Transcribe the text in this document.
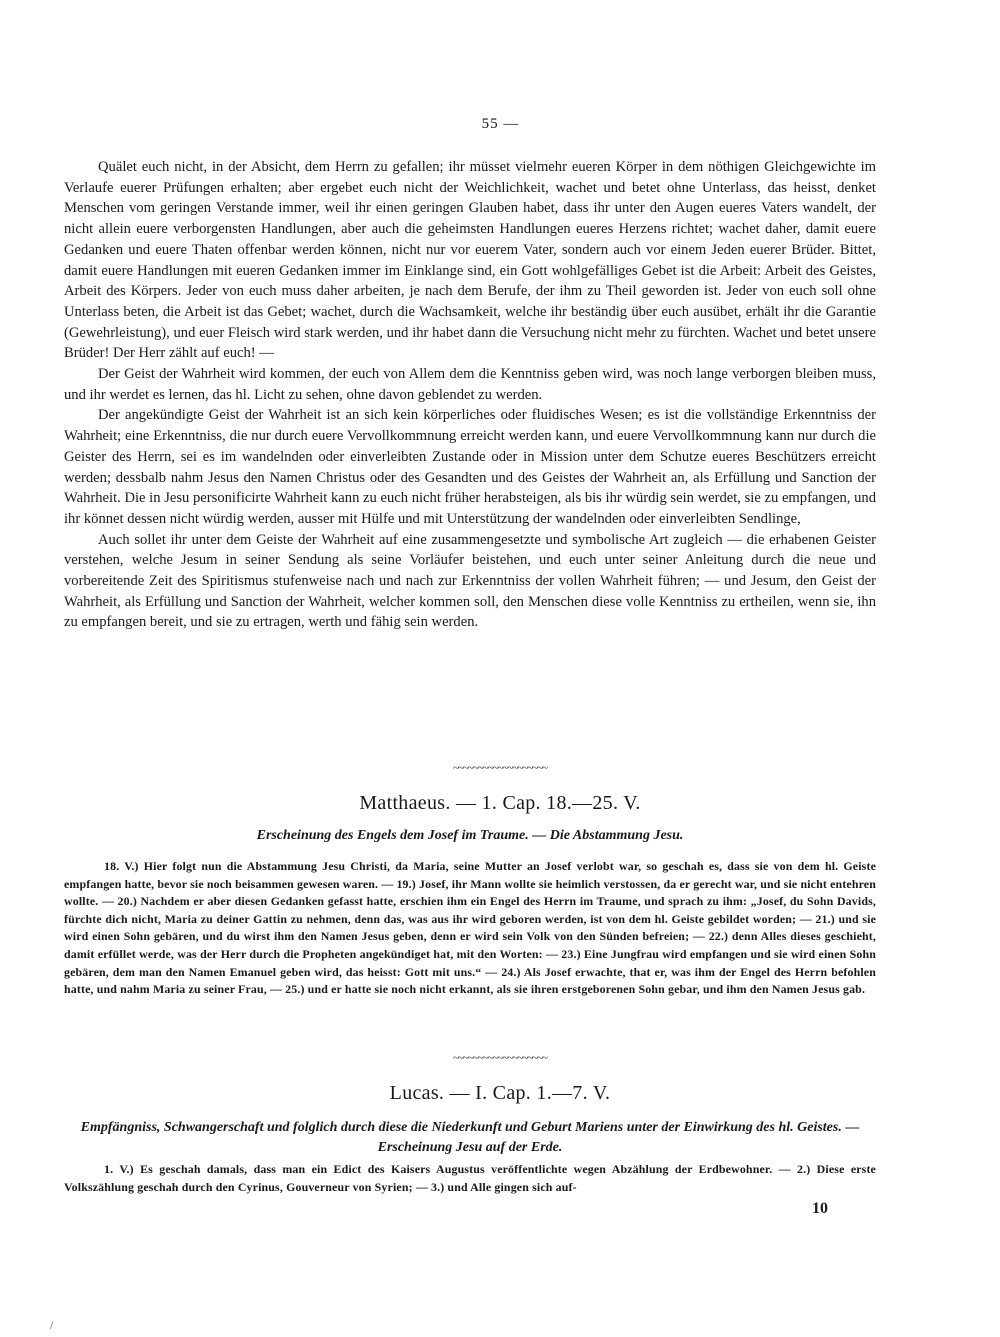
55 —

Quälet euch nicht, in der Absicht, dem Herrn zu gefallen; ihr müsset vielmehr eueren Körper in dem nöthigen Gleichgewichte im Verlaufe euerer Prüfungen erhalten; aber ergebet euch nicht der Weichlichkeit, wachet und betet ohne Unterlass, das heisst, denket Menschen vom geringen Verstande immer, weil ihr einen geringen Glauben habet, dass ihr unter den Augen eueres Vaters wandelt, der nicht allein euere verborgensten Handlungen, aber auch die geheimsten Handlungen eueres Herzens richtet; wachet daher, damit euere Gedanken und euere Thaten offenbar werden können, nicht nur vor euerem Vater, sondern auch vor einem Jeden euerer Brüder. Bittet, damit euere Handlungen mit eueren Gedanken immer im Einklange sind, ein Gott wohlgefälliges Gebet ist die Arbeit: Arbeit des Geistes, Arbeit des Körpers. Jeder von euch muss daher arbeiten, je nach dem Berufe, der ihm zu Theil geworden ist. Jeder von euch soll ohne Unterlass beten, die Arbeit ist das Gebet; wachet, durch die Wachsamkeit, welche ihr beständig über euch ausübet, erhält ihr die Garantie (Gewehrleistung), und euer Fleisch wird stark werden, und ihr habet dann die Versuchung nicht mehr zu fürchten. Wachet und betet unsere Brüder! Der Herr zählt auf euch! —

Der Geist der Wahrheit wird kommen, der euch von Allem dem die Kenntniss geben wird, was noch lange verborgen bleiben muss, und ihr werdet es lernen, das hl. Licht zu sehen, ohne davon geblendet zu werden.

Der angekündigte Geist der Wahrheit ist an sich kein körperliches oder fluidisches Wesen; es ist die vollständige Erkenntniss der Wahrheit; eine Erkenntniss, die nur durch euere Vervollkommnung erreicht werden kann, und euere Vervollkommnung kann nur durch die Geister des Herrn, sei es im wandelnden oder einverleibten Zustande oder in Mission unter dem Schutze eueres Beschützers erreicht werden; dessbalb nahm Jesus den Namen Christus oder des Gesandten und des Geistes der Wahrheit an, als Erfüllung und Sanction der Wahrheit. Die in Jesu personificirte Wahrheit kann zu euch nicht früher herabsteigen, als bis ihr würdig sein werdet, sie zu empfangen, und ihr könnet dessen nicht würdig werden, ausser mit Hülfe und mit Unterstützung der wandelnden oder einverleibten Sendlinge,

Auch sollet ihr unter dem Geiste der Wahrheit auf eine zusammengesetzte und symbolische Art zugleich — die erhabenen Geister verstehen, welche Jesum in seiner Sendung als seine Vorläufer beistehen, und euch unter seiner Anleitung durch die neue und vorbereitende Zeit des Spiritismus stufenweise nach und nach zur Erkenntniss der vollen Wahrheit führen; — und Jesum, den Geist der Wahrheit, als Erfüllung und Sanction der Wahrheit, welcher kommen soll, den Menschen diese volle Kenntniss zu ertheilen, wenn sie, ihn zu empfangen bereit, und sie zu ertragen, werth und fähig sein werden.

~~~~~~~~~~~~~~~~~~~
Matthaeus. — 1. Cap. 18.—25. V.
Erscheinung des Engels dem Josef im Traume. — Die Abstammung Jesu.

18. V.) Hier folgt nun die Abstammung Jesu Christi, da Maria, seine Mutter an Josef verlobt war, so geschah es, dass sie von dem hl. Geiste empfangen hatte, bevor sie noch beisammen gewesen waren. — 19.) Josef, ihr Mann wollte sie heimlich verstossen, da er gerecht war, und sie nicht entehren wollte. — 20.) Nachdem er aber diesen Gedanken gefasst hatte, erschien ihm ein Engel des Herrn im Traume, und sprach zu ihm: „Josef, du Sohn Davids, fürchte dich nicht, Maria zu deiner Gattin zu nehmen, denn das, was aus ihr wird geboren werden, ist von dem hl. Geiste gebildet worden; — 21.) und sie wird einen Sohn gebären, und du wirst ihm den Namen Jesus geben, denn er wird sein Volk von den Sünden befreien; — 22.) denn Alles dieses geschieht, damit erfüllet werde, was der Herr durch die Propheten angekündiget hat, mit den Worten: — 23.) Eine Jungfrau wird empfangen und sie wird einen Sohn gebären, dem man den Namen Emanuel geben wird, das heisst: Gott mit uns.“ — 24.) Als Josef erwachte, that er, was ihm der Engel des Herrn befohlen hatte, und nahm Maria zu seiner Frau, — 25.) und er hatte sie noch nicht erkannt, als sie ihren erstgeborenen Sohn gebar, und ihm den Namen Jesus gab.

~~~~~~~~~~~~~~~~~~~
Lucas. — I. Cap. 1.—7. V.
Empfängniss, Schwangerschaft und folglich durch diese die Niederkunft und Geburt Mariens unter der Einwirkung des hl. Geistes. — Erscheinung Jesu auf der Erde.

1. V.) Es geschah damals, dass man ein Edict des Kaisers Augustus veröffentlichte wegen Abzählung der Erdbewohner. — 2.) Diese erste Volkszählung geschah durch den Cyrinus, Gouverneur von Syrien; — 3.) und Alle gingen sich auf-

10
/
